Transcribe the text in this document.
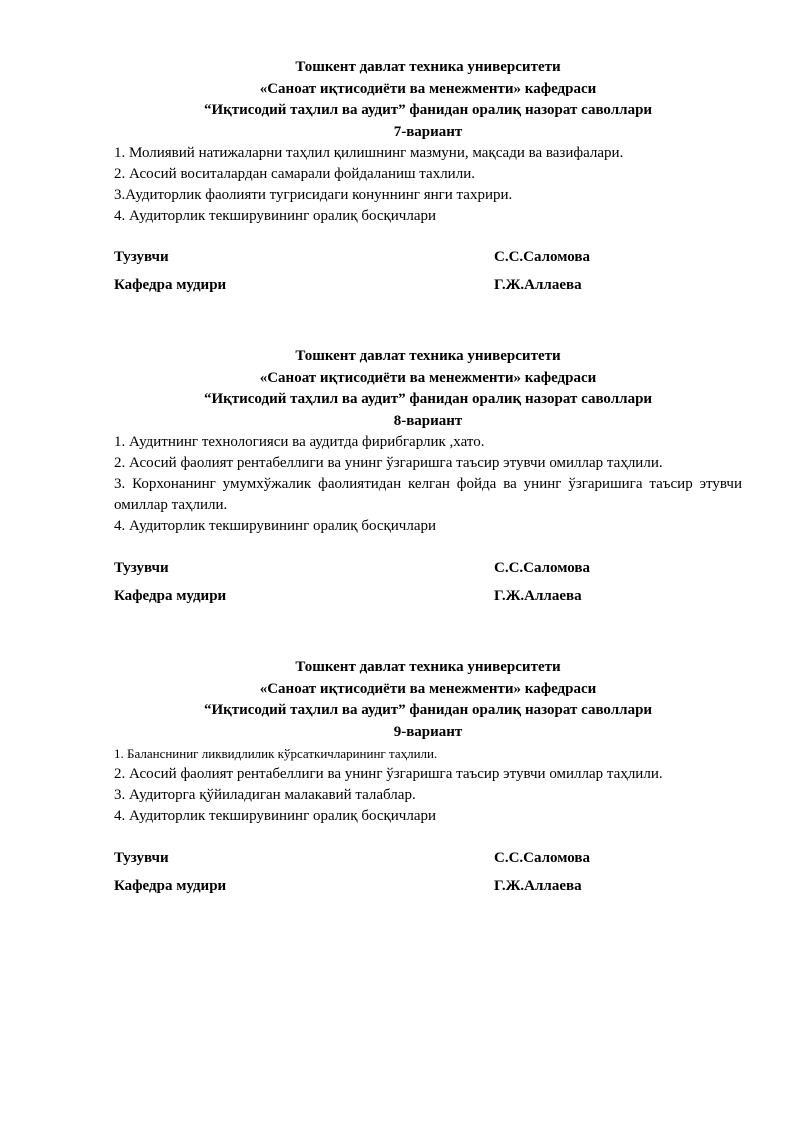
Тошкент давлат техника университети
«Саноат иқтисодиёти ва менежменти» кафедраси
“Иқтисодий таҳлил ва аудит” фанидан оралиқ назорат саволлари
7-вариант
1. Молиявий натижаларни таҳлил қилишнинг мазмуни, мақсади ва вазифалари.
2. Асосий воситалардан самарали фойдаланиш тахлили.
3.Аудиторлик фаолияти тугрисидаги конуннинг янги тахрири.
4. Аудиторлик текширувининг оралиқ босқичлари
Тузувчи	С.С.Саломова
Кафедра мудири	Г.Ж.Аллаева
Тошкент давлат техника университети
«Саноат иқтисодиёти ва менежменти» кафедраси
“Иқтисодий таҳлил ва аудит” фанидан оралиқ назорат саволлари
8-вариант
1. Аудитнинг технологияси ва аудитда фирибгарлик ,хато.
2. Асосий фаолият рентабеллиги ва унинг ўзгаришга таъсир этувчи омиллар таҳлили.
3. Корхонанинг умумхўжалик фаолиятидан келган фойда ва унинг ўзгаришига таъсир этувчи омиллар таҳлили.
4. Аудиторлик текширувининг оралиқ босқичлари
Тузувчи	С.С.Саломова
Кафедра мудири	Г.Ж.Аллаева
Тошкент давлат техника университети
«Саноат иқтисодиёти ва менежменти» кафедраси
“Иқтисодий таҳлил ва аудит” фанидан оралиқ назорат саволлари
9-вариант
1. Балансниниг ликвидлилик кўрсаткичларининг таҳлили.
2. Асосий фаолият рентабеллиги ва унинг ўзгаришга таъсир этувчи омиллар таҳлили.
3. Аудиторга қўйиладиган малакавий талаблар.
4. Аудиторлик текширувининг оралиқ босқичлари
Тузувчи	С.С.Саломова
Кафедра мудири	Г.Ж.Аллаева
